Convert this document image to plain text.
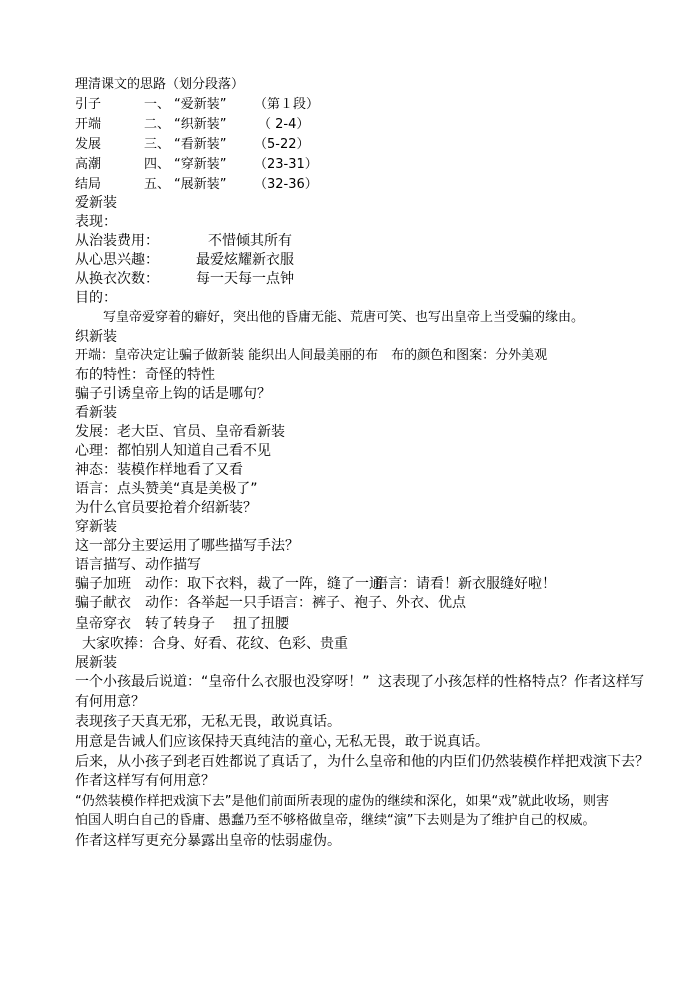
理清课文的思路（划分段落）
引子	一、 “爱新装” （第１段）
开端	二、 “织新装” （ 2-4）
发展	三、 “看新装” （5-22）
高潮	四、 “穿新装” （23-31）
结局	五、 “展新装” （32-36）
爱新装
表现：
从治装费用：	不惜倾其所有
从心思兴趣：	最爱炫耀新衣服
从换衣次数：	每一天每一点钟
目的：
写皇帝爱穿着的癖好，突出他的昏庸无能、荒唐可笑、也写出皇帝上当受骗的缘由。
织新装
开端：皇帝决定让骗子做新装 能织出人间最美丽的布　布的颜色和图案：分外美观
布的特性：奇怪的特性
骗子引诱皇帝上钩的话是哪句？
看新装
发展：老大臣、官员、皇帝看新装
心理：都怕别人知道自己看不见
神态：装模作样地看了又看
语言：点头赞美“真是美极了”
为什么官员要抢着介绍新装？
穿新装
这一部分主要运用了哪些描写手法？
语言描写、动作描写
骗子加班　动作：取下衣料，裁了一阵，缝了一通
语言：请看！新衣服缝好啦！
骗子献衣　动作：各举起一只手 语言：裤子、袍子、外衣、优点
皇帝穿衣 转了转身子 扭了扭腰
大家吹捧：合身、好看、花纹、色彩、贵重
展新装
一个小孩最后说道：“皇帝什么衣服也没穿呀！” 这表现了小孩怎样的性格特点？作者这样写
有何用意？
表现孩子天真无邪，无私无畏，敢说真话。
用意是告诫人们应该保持天真纯洁的童心，
无私无畏，敢于说真话。
后来，从小孩子到老百姓都说了真话了，为什么皇帝和他的内臣们仍然装模作样把戏演下去？
作者这样写有何用意？
“仍然装模作样把戏演下去”是他们前面所表现的虚伪的继续和深化，如果“戏”就此收场，则害
怕国人明白自己的昏庸、愚蠢乃至不够格做皇帝，继续“演”下去则是为了维护自己的权威。
作者这样写更充分暴露出皇帝的怯弱虚伪。
